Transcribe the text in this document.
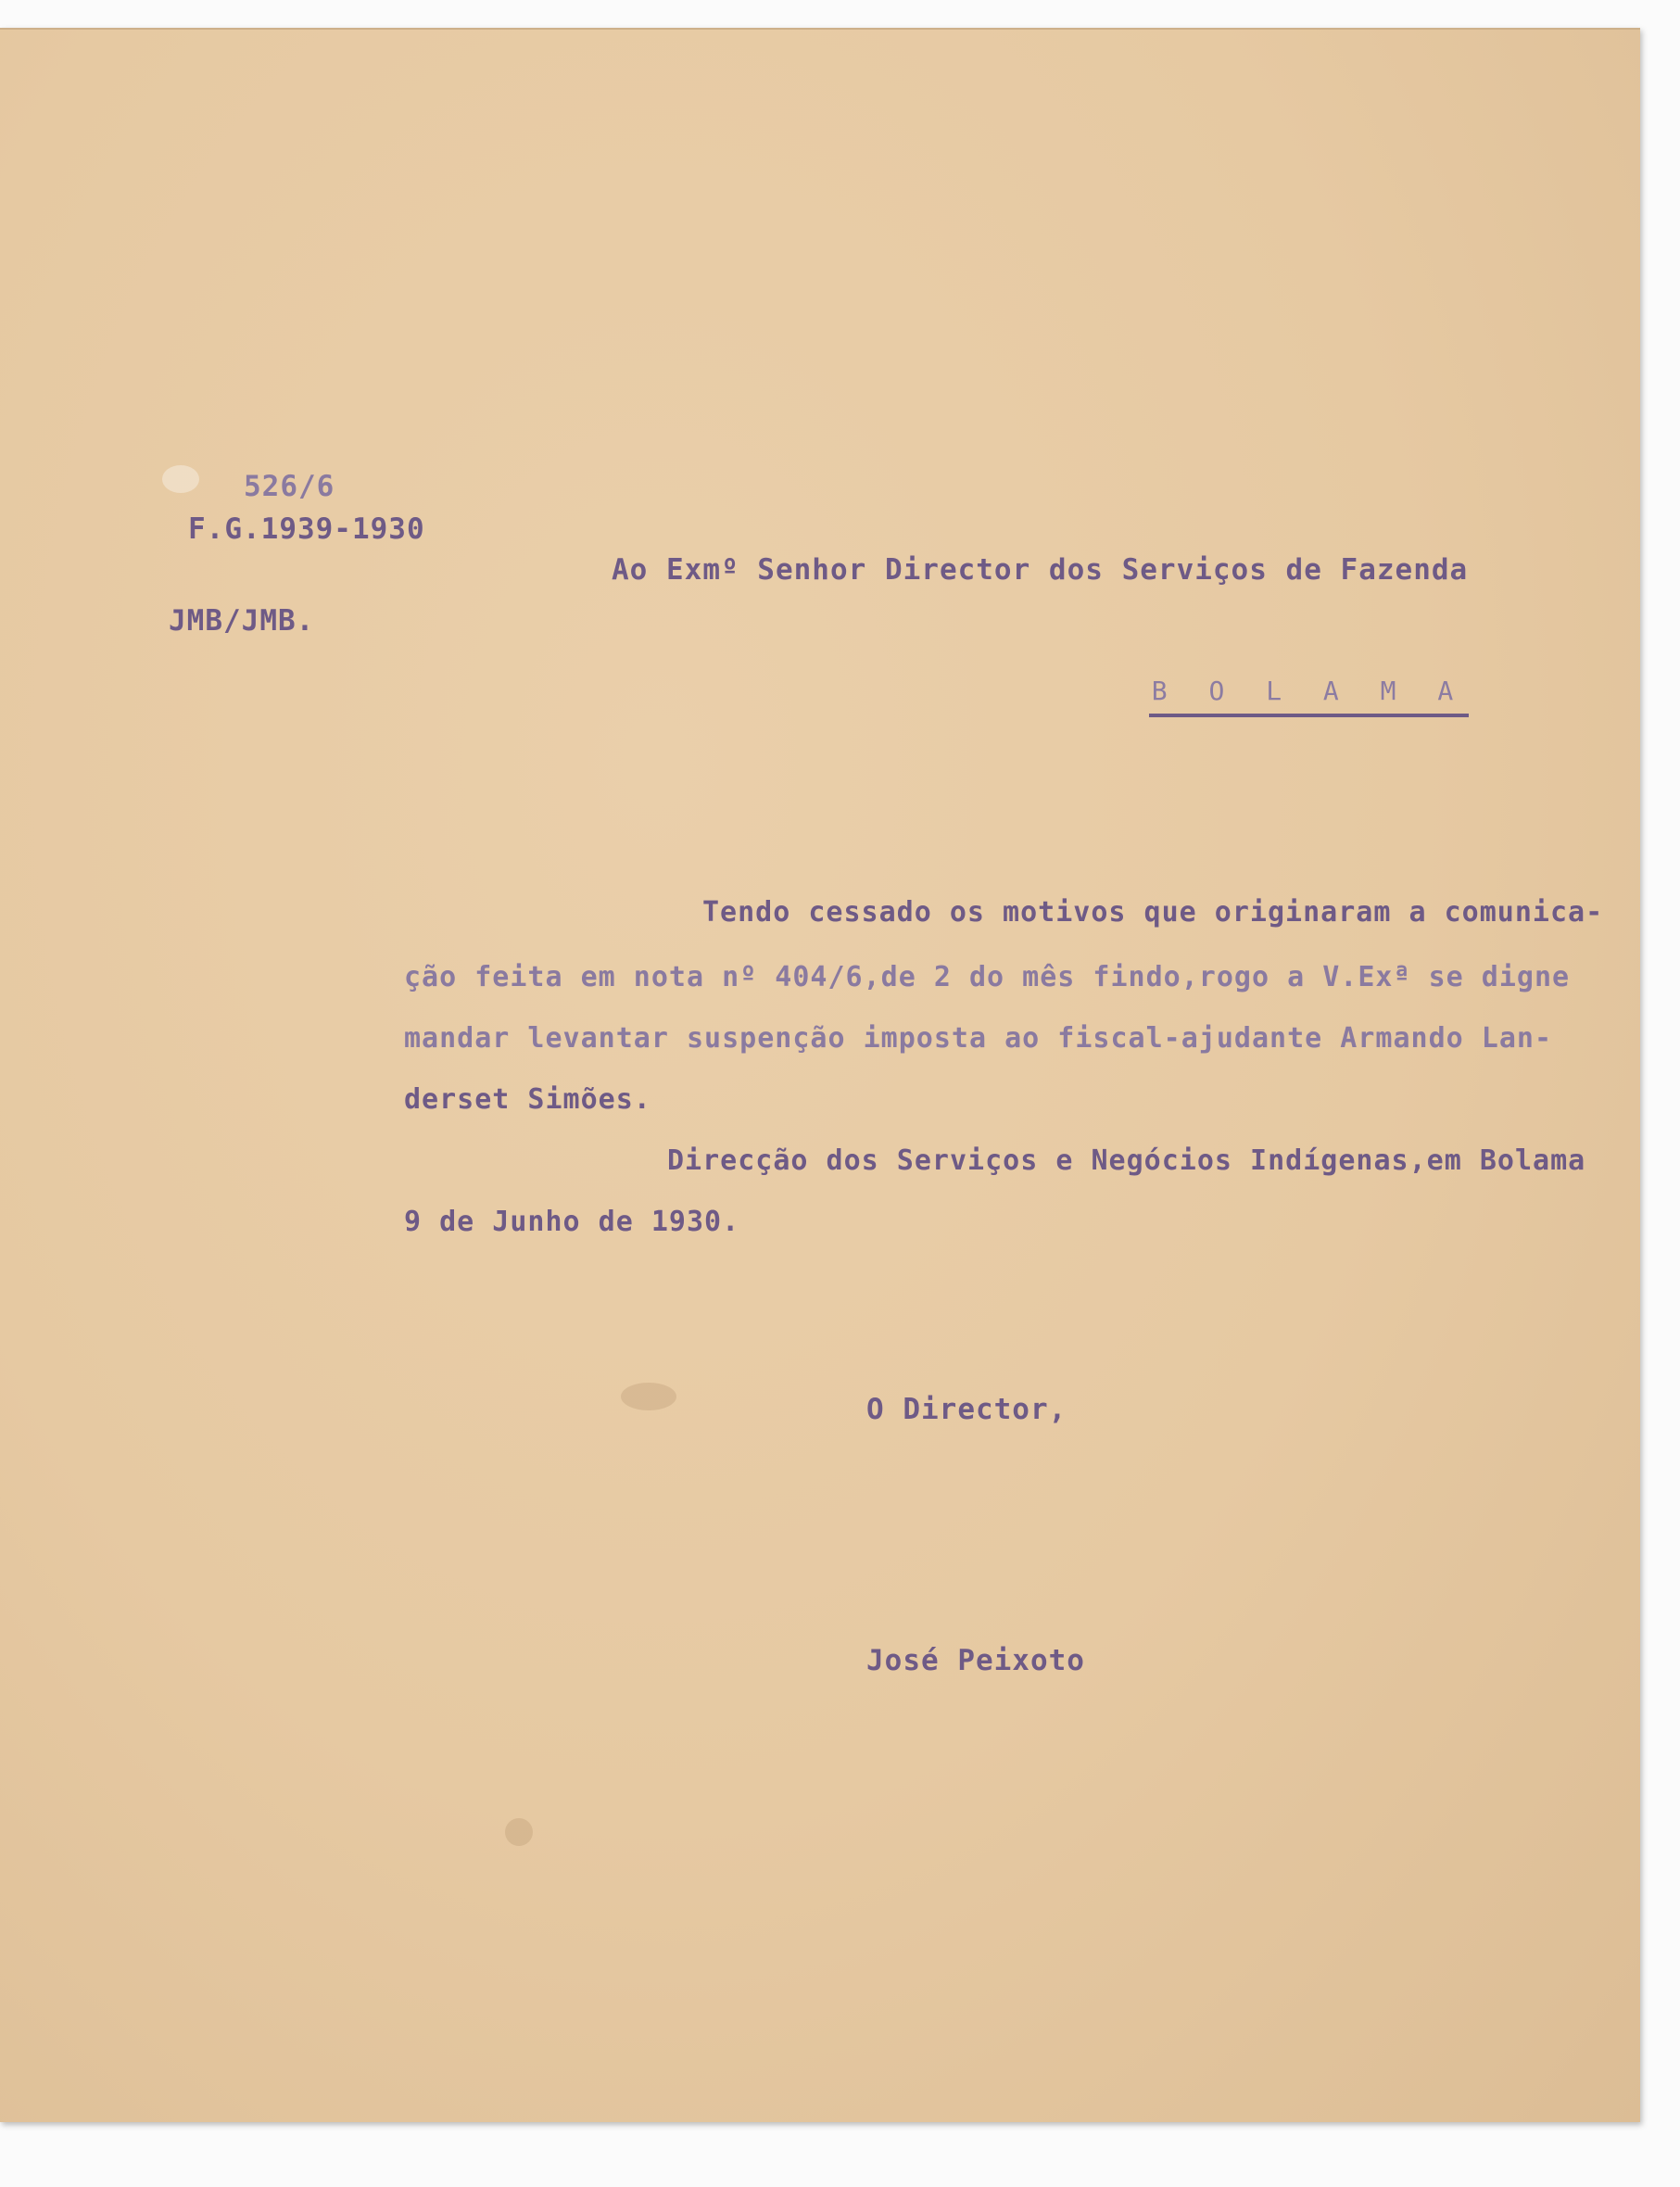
526/6
F.G.1939-1930
JMB/JMB.
Ao Exmº Senhor Director dos Serviços de Fazenda
B O L A M A
Tendo cessado os motivos que originaram a comunica-
ção feita em nota nº 404/6,de 2 do mês findo,rogo a V.Exª se digne
mandar levantar suspenção imposta ao fiscal-ajudante Armando Lan-
derset Simões.
Direcção dos Serviços e Negócios Indígenas,em Bolama
9 de Junho de 1930.
O Director,
José Peixoto
